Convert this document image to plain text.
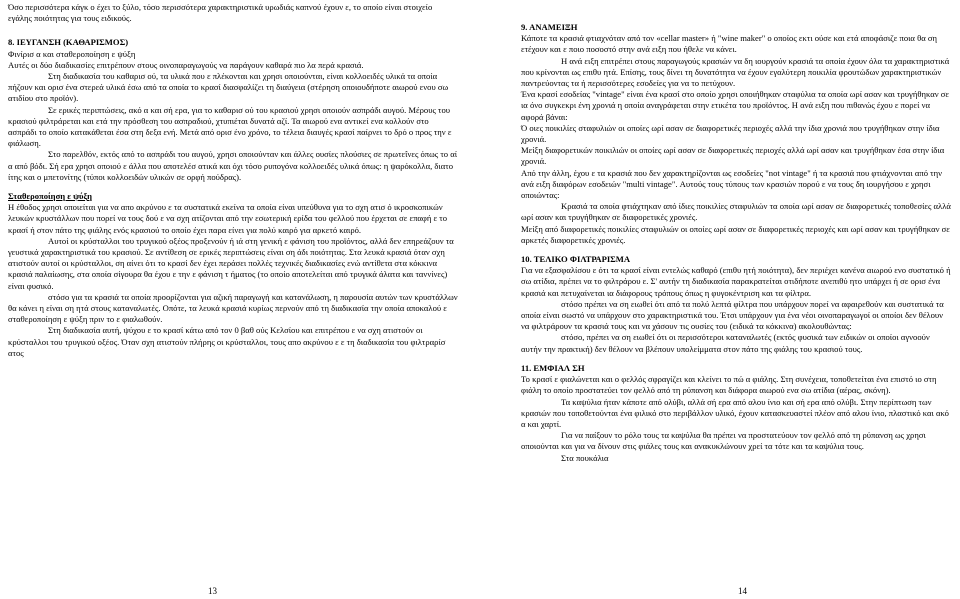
Όσο περισσότερα κάγκ ο έχει το ξύλο, τόσο περισσότερα χαρακτηριστικά υρωδιάς καπνού έχουν ε, το οποίο είναι στοιχείο εγάλης ποιότητας για τους ειδικούς.

8. ΙΕΥΓΑΝΣΗ (ΚΑΘΑΡΙΣΜΟΣ)

Φινίρισ α και σταθεροποίηση ε ψύξη

Αυτές οι δύο διαδικασίες επιτρέπουν στους οινοπαραγωγούς να παράγουν καθαρά πιο λα περά κρασιά.

Στη διαδικασία του καθαρισ ού, τα υλικά που ε πλέκονται και χρησι οποιούνται, είναι κολλοειδές υλικά τα οποία πήζουν και ορισ ένα στερεά υλικά έσω από τα οποία το κρασί διασφαλίζει τη διαύγεια (στέρηση οποιουδήποτε αιωρού ενου σω ατιδίου στο προϊόν).

Σε ερικές περιπτώσεις, ακό α και σή ερα, για το καθαρισ ού του κρασιού χρησι οποιούν ασπράδι αυγού. Μέρους του κρασιού φιλτράρεται και ετά την πρόσθεση του ασπραδιού, χτυπιέται δυνατά αζί. Τα αιωρού ενα αντικεί ενα κολλούν στο ασπράδι το οποίο κατακάθεται έσα στη δεξα ενή. Μετά από ορισ ένο χρόνο, το τέλεια διαυγές κρασί παίρνει το δρό ο προς την ε φιάλωση.

Στο παρελθόν, εκτός από το ασπράδι του αυγού, χρησι οποιούνταν και άλλες ουσίες πλούσιες σε πρωτεΐνες όπως το αί α από βόδι. Σή ερα χρησι οποιού ε άλλα που αποτελέσ ατικά και όχι τόσο ρυπογόνα κολλοειδές υλικά όπως: η ψαρόκολλα, διατο ίτης και ο μπετονίτης (τύποι κολλοειδών υλικών σε ορφή πούδρας).

Σταθεροποίηση ε ψύξη

Η έθοδος χρησι οποιείται για να απο ακρύνου ε τα συστατικά εκείνα τα οποία είναι υπεύθυνα για το σχη ατισ ό ικροσκοπικών λευκών κρυστάλλων που πορεί να τους δού ε να σχη ατίζονται από την εσωτερική ερίδα του φελλού που έρχεται σε επαφή ε το κρασί ή στον πάτο της φιάλης ενός κρασιού το οποίο έχει παρα είνει για πολύ καιρό για αρκετό καιρό.

Αυτοί οι κρύσταλλοι του τρυγικού οξέος προξενούν ή ιά στη γενική ε φάνιση του προϊόντος, αλλά δεν επηρεάζουν τα γευστικά χαρακτηριστικά του κρασιού. Σε αντίθεση σε ερικές περιπτώσεις είναι ση άδι ποιότητας. Στα λευκά κρασιά όταν σχη ατιστούν αυτοί οι κρύσταλλοι, ση αίνει ότι το κρασί δεν έχει περάσει πολλές τεχνικές διαδικασίες ενώ αντίθετα στα κόκκινα κρασιά παλαίωσης, στα οποία σίγουρα θα έχου ε την ε φάνιση τ ήματος (το οποίο αποτελείται από τρυγικά άλατα και ταννίνες) είναι φυσικό.

στόσο για τα κρασιά τα οποία προορίζονται για αζική παραγωγή και κατανάλωση, η παρουσία αυτών των κρυστάλλων θα κάνει η είναι ση ητά στους καταναλωτές. Οπότε, τα λευκά κρασιά κυρίως περνούν από τη διαδικασία την οποία αποκαλού ε σταθεροποίηση ε ψύξη πριν το ε φιαλωθούν.

Στη διαδικασία αυτή, ψύχου ε το κρασί κάτω από τον 0 βαθ ούς Κελσίου και επιτρέπου ε να σχη ατιστούν οι κρύσταλλοι του τρυγικού οξέος. Όταν σχη ατιστούν πλήρης οι κρύσταλλοι, τους απο ακρύνου ε ε τη διαδικασία του φιλτραρίσ ατος

13

9. ΑΝΑΜΕΙΞΗ

Κάποτε τα κρασιά φτιαχνόταν από τον «cellar master» ή "wine maker" ο οποίος εκτι ούσε και ετά αποφάσιζε ποια θα ση ετέχουν και ε ποιο ποσοστό στην ανά ειξη που ήθελε να κάνει.

Η ανά ειξη επιτρέπει στους παραγωγούς κρασιών να δη ιουργούν κρασιά τα οποία έχουν όλα τα χαρακτηριστικά που κρίνονται ως επιθυ ητά. Επίσης, τους δίνει τη δυνατότητα να έχουν εγαλύτερη ποικιλία φρουτώδων χαρακτηριστικών παντρεύοντας τα ή περισσότερες εσοδείες για να το πετύχουν.

Ένα κρασί εσοδείας "vintage" είναι ένα κρασί στο οποίο χρησι οποιήθηκαν σταφύλια τα οποία ωρί ασαν και τρυγήθηκαν σε ια όνο συγκεκρι ένη χρονιά η οποία αναγράφεται στην ετικέτα του προϊόντος. Η ανά ειξη που πιθανώς έχου ε πορεί να αφορά βάναι:

Ό οιες ποικιλίες σταφυλιών οι οποίες ωρί ασαν σε διαφορετικές περιοχές αλλά την ίδια χρονιά που τρυγήθηκαν στην ίδια χρονιά.

Μείξη διαφορετικών ποικιλιών οι οποίες ωρί ασαν σε διαφορετικές περιοχές αλλά ωρί ασαν και τρυγήθηκαν έσα στην ίδια χρονιά.

Από την άλλη, έχου ε τα κρασιά που δεν χαρακτηρίζονται ως εσοδείες "not vintage" ή τα κρασιά που φτιάχνονται από την ανά ειξη διαφόρων εσοδειών "multi vintage". Αυτούς τους τύπους των κρασιών πορού ε να τους δη ιουργήσου ε χρησι οποιώντας:

Κρασιά τα οποία φτιάχτηκαν από ίδιες ποικιλίες σταφυλιών τα οποία ωρί ασαν σε διαφορετικές τοποθεσίες αλλά ωρί ασαν και τρυγήθηκαν σε διαφορετικές χρονιές.

Μείξη από διαφορετικές ποικιλίες σταφυλιών οι οποίες ωρί ασαν σε διαφορετικές περιοχές και ωρί ασαν και τρυγήθηκαν σε αρκετές διαφορετικές χρονιές.

10. ΤΕΛΙΚΟ ΦΙΛΤΡΑΡΙΣΜΑ

Για να εξασφαλίσου ε ότι τα κρασί είναι εντελώς καθαρό (επιθυ ητή ποιότητα), δεν περιέχει κανένα αιωρού ενο συστατικό ή σω ατίδια, πρέπει να το φιλτράρου ε. Σ' αυτήν τη διαδικασία παρακρατείται οτιδήποτε ανεπιθύ ητο υπάρχει ή σε ορισ ένα κρασιά και πετυχαίνεται ια διάφορους τρόπους όπως η φυγοκέντριση και τα φίλτρα.

στόσο πρέπει να ση ειωθεί ότι από τα πολύ λεπτά φίλτρα που υπάρχουν πορεί να αφαιρεθούν και συστατικά τα οποία είναι σωστό να υπάρχουν στο χαρακτηριστικά του. Έτσι υπάρχουν για ένα νέοι οινοπαραγωγοί οι οποίοι δεν θέλουν να φιλτράρουν τα κρασιά τους και να χάσουν τις ουσίες του (ειδικά τα κόκκινα) ακολουθώντας:

στόσο, πρέπει να ση ειωθεί ότι οι περισσότεροι καταναλωτές (εκτός φυσικά των ειδικών οι οποίοι αγνοούν αυτήν την πρακτική) δεν θέλουν να βλέπουν υπολείμματα στον πάτο της φιάλης του κρασιού τους.

11. ΕΜΦΙΑΛ ΣΗ

Το κρασί ε φιαλώνεται και ο φελλός σφραγίζει και κλείνει το πώ α φιάλης. Στη συνέχεια, τοποθετείται ένα επιστό ιο στη φιάλη το οποίο προστατεύει τον φελλό από τη ρύπανση και διάφορα αιωρού ενα σω ατίδια (αέρας, σκόνη).

Τα καψύλια ήταν κάποτε από ολύβι, αλλά σή ερα από αλου ίνιο και σή ερα από ολύβι. Στην περίπτωση των κρασιών που τοποθετούνται ένα φιλικό στο περιβάλλον υλικό, έχουν κατασκευαστεί πλέον από αλου ίνιο, πλαστικό και ακό α και χαρτί.

Για να παίξουν το ρόλο τους τα καψύλια θα πρέπει να προστατεύουν τον φελλό από τη ρύπανση ως χρησι οποιούνται και για να δίνουν στις φιάλες τους και ανακυκλώνουν χρεί τα τότε και τα καψύλια τους.

Στα πουκάλια

14
